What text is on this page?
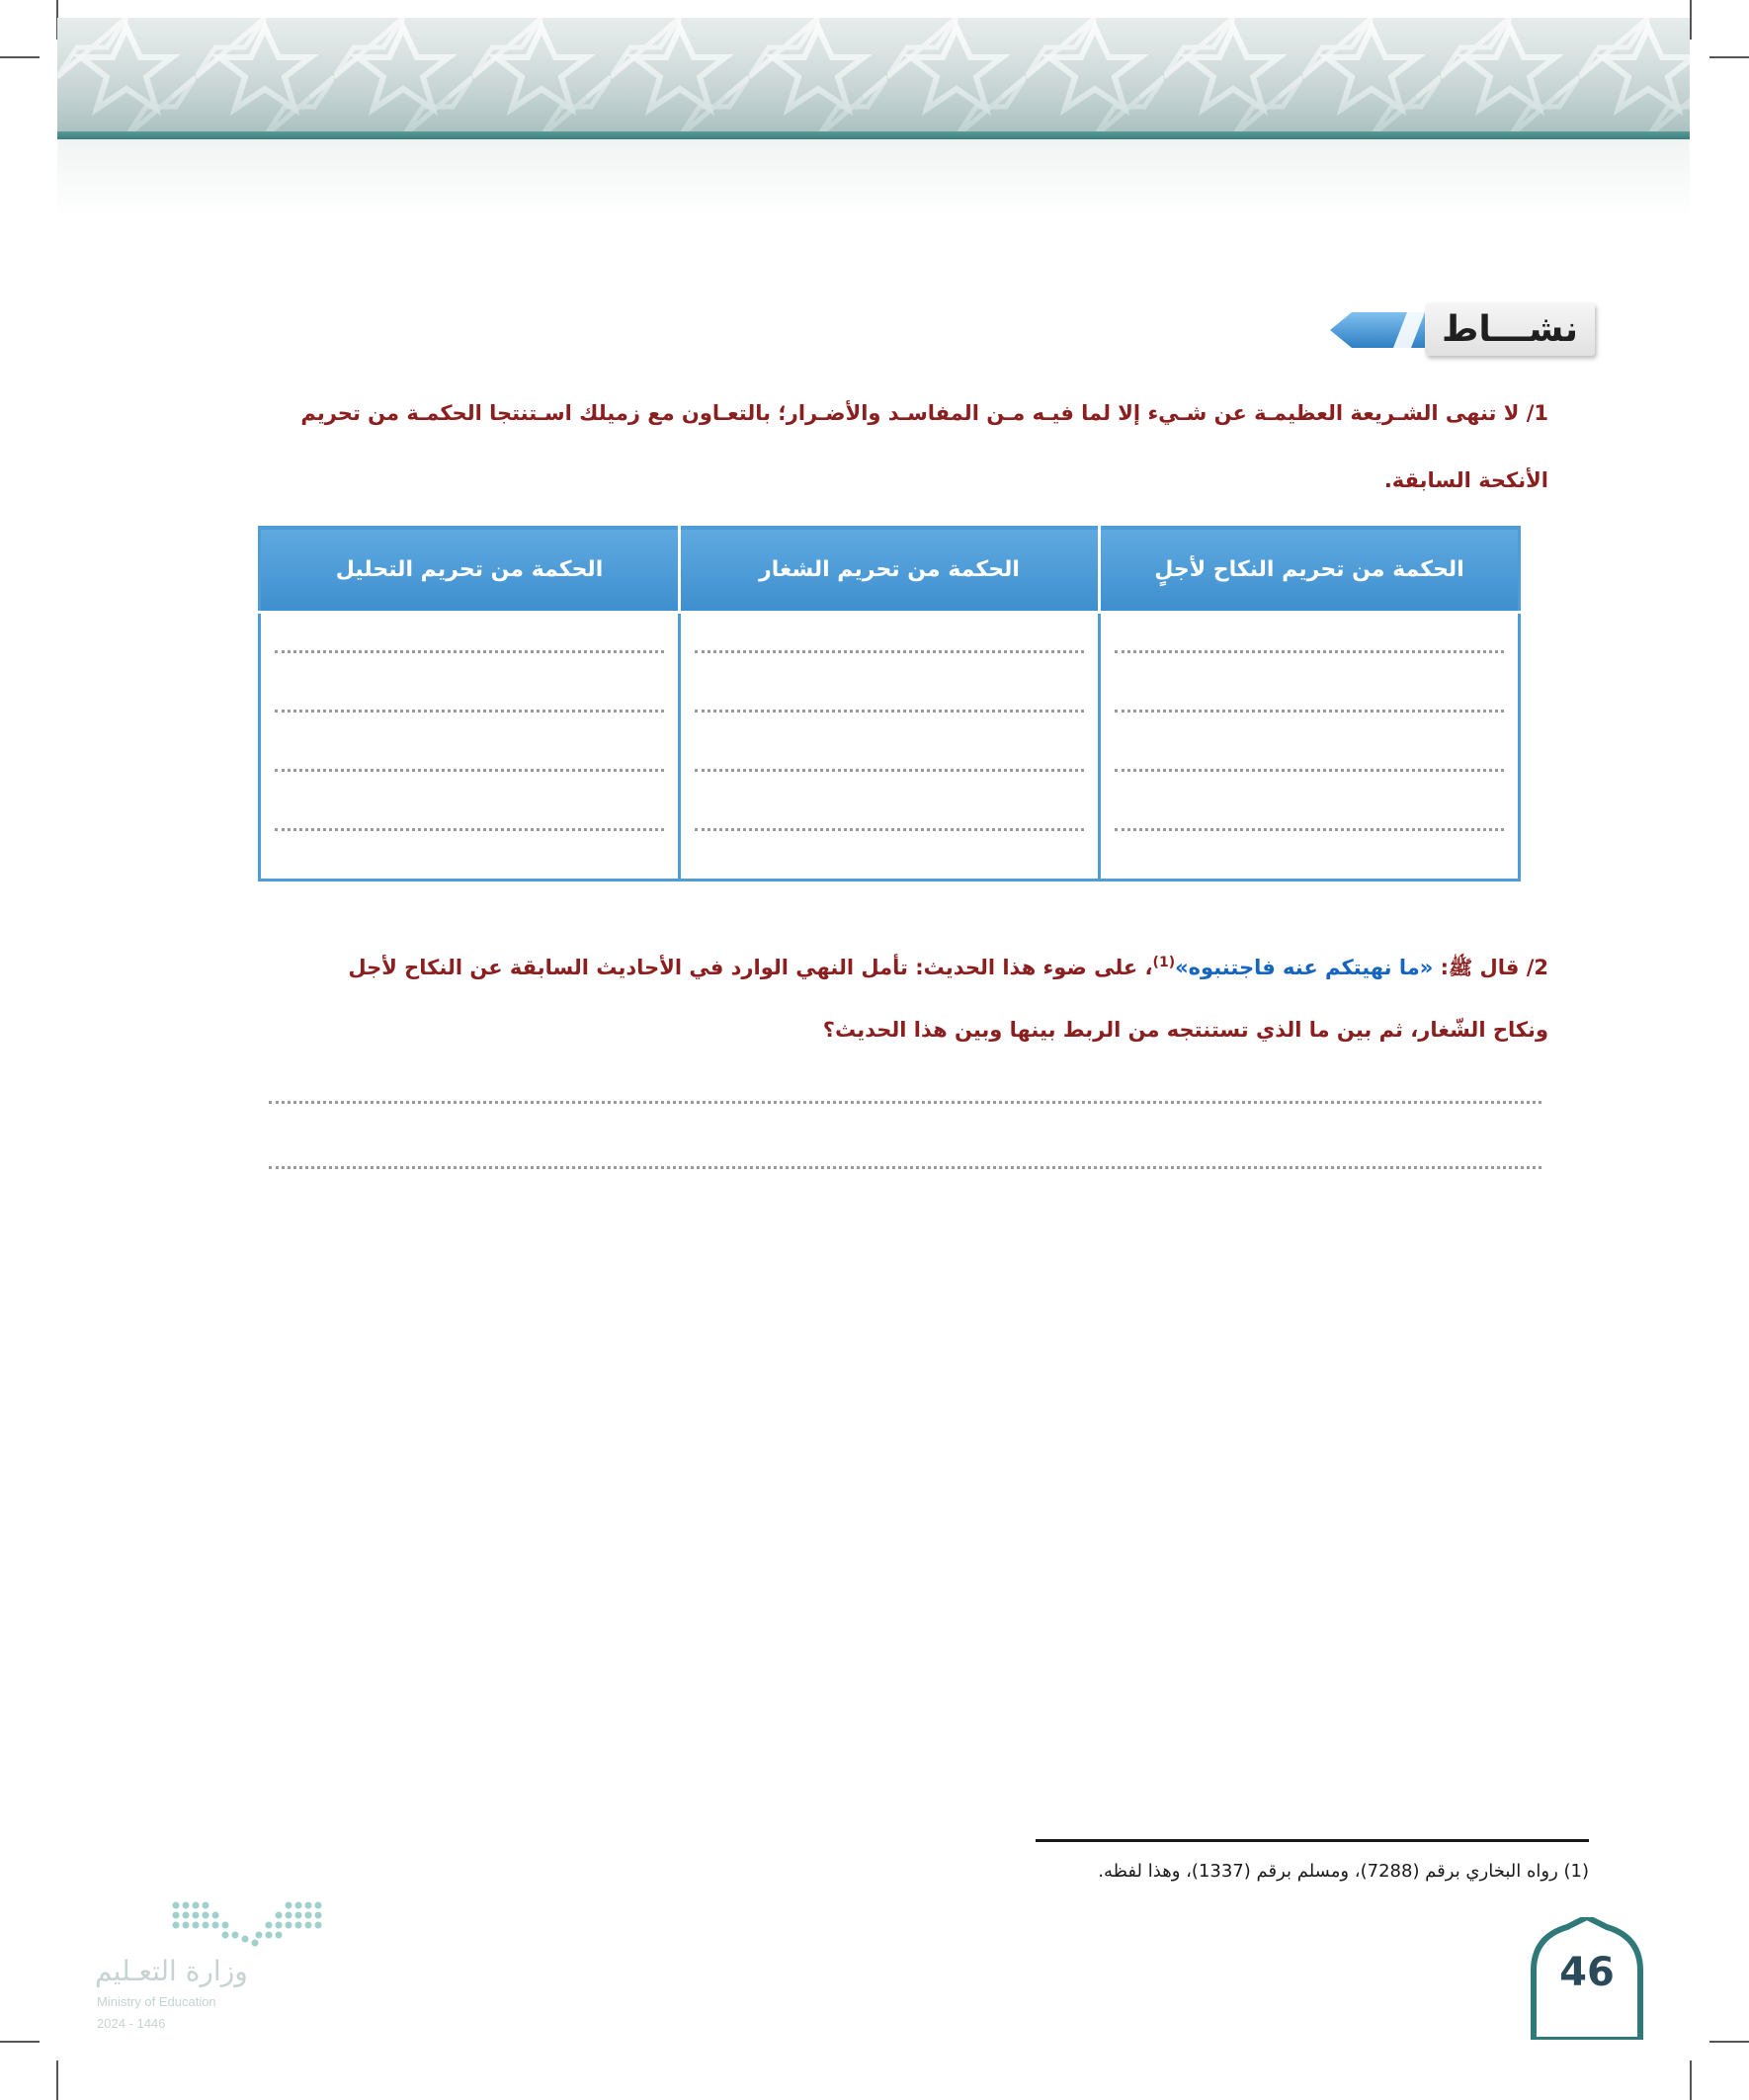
نشـــاط
1/ لا تنهى الشـريعة العظيمـة عن شـيء إلا لما فيـه مـن المفاسـد والأضـرار؛ بالتعـاون مع زميلك اسـتنتجا الحكمـة من تحريم
الأنكحة السابقة.
الحكمة من تحريم النكاح لأجلٍ	الحكمة من تحريم الشغار	الحكمة من تحريم التحليل

2/ قال ﷺ: «ما نهيتكم عنه فاجتنبوه»$^{(1)}$، على ضوء هذا الحديث: تأمل النهي الوارد في الأحاديث السابقة عن النكاح لأجل
ونكاح الشّغار، ثم بين ما الذي تستنتجه من الربط بينها وبين هذا الحديث؟
(1) رواه البخاري برقم (7288)، ومسلم برقم (1337)، وهذا لفظه.
وزارة التعـليم
Ministry of Education
2024 - 1446
46
